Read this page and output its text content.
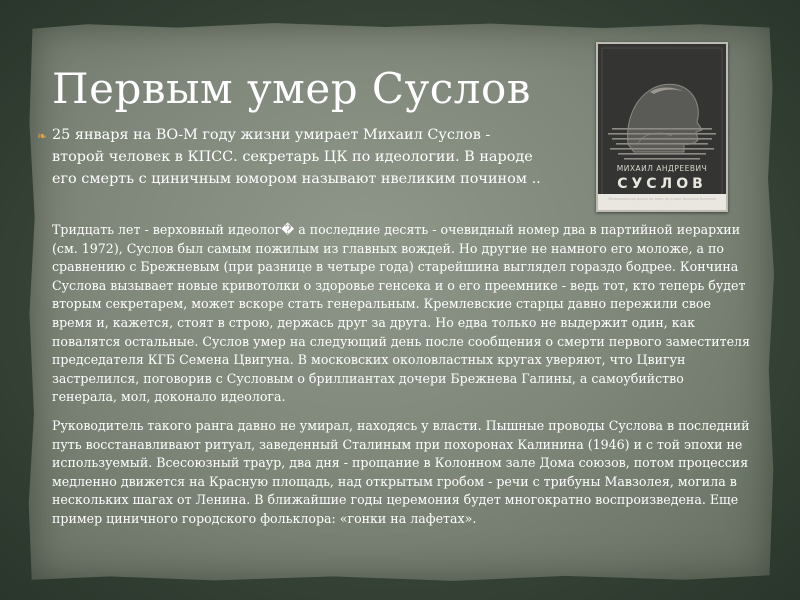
Первым умер Суслов
❧ 25 января на ВО-М году жизни умирает Михаил Суслов - второй человек в КПСС. секретарь ЦК по идеологии. В народе его смерть с циничным юмором называют нвеликим почином ..
МИХАИЛ АНДРЕЕВИЧ
СУСЛОВ
Мемориальная доска на доме на улице Большая Бронная
Тридцать лет - верховный идеолог� а последние десять - очевидный номер два в партийной иерархии (см. 1972), Суслов был самым пожилым из главных вождей. Но другие не намного его моложе, а по сравнению с Брежневым (при разнице в четыре года) старейшина выглядел гораздо бодрее. Кончина Суслова вызывает новые кривотолки о здоровье генсека и о его преемнике - ведь тот, кто теперь будет вторым секретарем, может вскоре стать генеральным. Кремлевские старцы давно пережили свое время и, кажется, стоят в строю, держась друг за друга. Но едва только не выдержит один, как повалятся остальные. Суслов умер на следующий день после сообщения о смерти первого заместителя председателя КГБ Семена Цвигуна. В московских околовластных кругах уверяют, что Цвигун застрелился, поговорив с Сусловым о бриллиантах дочери Брежнева Галины, а самоубийство генерала, мол, доконало идеолога.
Руководитель такого ранга давно не умирал, находясь у власти. Пышные проводы Суслова в последний путь восстанавливают ритуал, заведенный Сталиным при похоронах Калинина (1946) и с той эпохи не используемый. Всесоюзный траур, два дня - прощание в Колонном зале Дома союзов, потом процессия медленно движется на Красную площадь, над открытым гробом - речи с трибуны Мавзолея, могила в нескольких шагах от Ленина. В ближайшие годы церемония будет многократно воспроизведена. Еще пример циничного городского фольклора: «гонки на лафетах».
